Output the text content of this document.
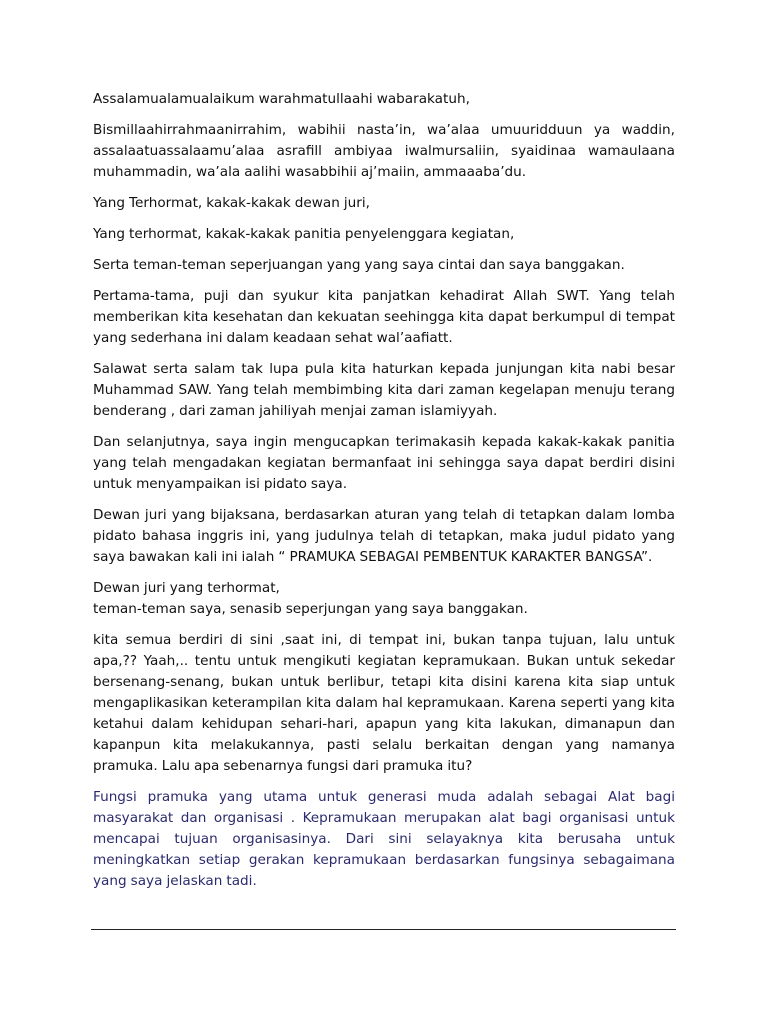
Assalamualamualaikum warahmatullaahi wabarakatuh,

Bismillaahirrahmaanirrahim, wabihii nasta’in, wa’alaa umuuridduun ya waddin, assalaatuassalaamu’alaa asrafill ambiyaa iwalmursaliin, syaidinaa wamaulaana muhammadin, wa’ala aalihi wasabbihii aj’maiin, ammaaaba’du.

Yang Terhormat, kakak-kakak dewan juri,

Yang terhormat, kakak-kakak panitia penyelenggara kegiatan,

Serta teman-teman seperjuangan yang yang saya cintai dan saya banggakan.

Pertama-tama, puji dan syukur kita panjatkan kehadirat Allah SWT. Yang telah memberikan kita kesehatan dan kekuatan seehingga kita dapat berkumpul di tempat yang sederhana ini dalam keadaan sehat wal’aafiatt.

Salawat serta salam tak lupa pula kita haturkan kepada junjungan kita nabi besar Muhammad SAW. Yang telah membimbing kita dari zaman kegelapan menuju terang benderang , dari zaman jahiliyah menjai zaman islamiyyah.

Dan selanjutnya, saya ingin mengucapkan terimakasih kepada kakak-kakak panitia yang telah mengadakan kegiatan bermanfaat ini sehingga saya dapat berdiri disini untuk menyampaikan isi pidato saya.

Dewan juri yang bijaksana, berdasarkan aturan yang telah di tetapkan dalam lomba pidato bahasa inggris ini, yang judulnya telah di tetapkan, maka judul pidato yang saya bawakan kali ini ialah “ PRAMUKA SEBAGAI PEMBENTUK KARAKTER BANGSA”.

Dewan juri yang terhormat,
teman-teman saya, senasib seperjungan yang saya banggakan.

kita semua berdiri di sini ,saat ini, di tempat ini, bukan tanpa tujuan, lalu untuk apa,?? Yaah,.. tentu untuk mengikuti kegiatan kepramukaan. Bukan untuk sekedar bersenang-senang, bukan untuk berlibur, tetapi kita disini karena kita siap untuk mengaplikasikan keterampilan kita dalam hal kepramukaan. Karena seperti yang kita ketahui dalam kehidupan sehari-hari, apapun yang kita lakukan, dimanapun dan kapanpun kita melakukannya, pasti selalu berkaitan dengan yang namanya pramuka. Lalu apa sebenarnya fungsi dari pramuka itu?

Fungsi pramuka yang utama untuk generasi muda adalah sebagai Alat bagi masyarakat dan organisasi . Kepramukaan merupakan alat bagi organisasi untuk mencapai tujuan organisasinya. Dari sini selayaknya kita berusaha untuk meningkatkan setiap gerakan kepramukaan berdasarkan fungsinya sebagaimana yang saya jelaskan tadi.
